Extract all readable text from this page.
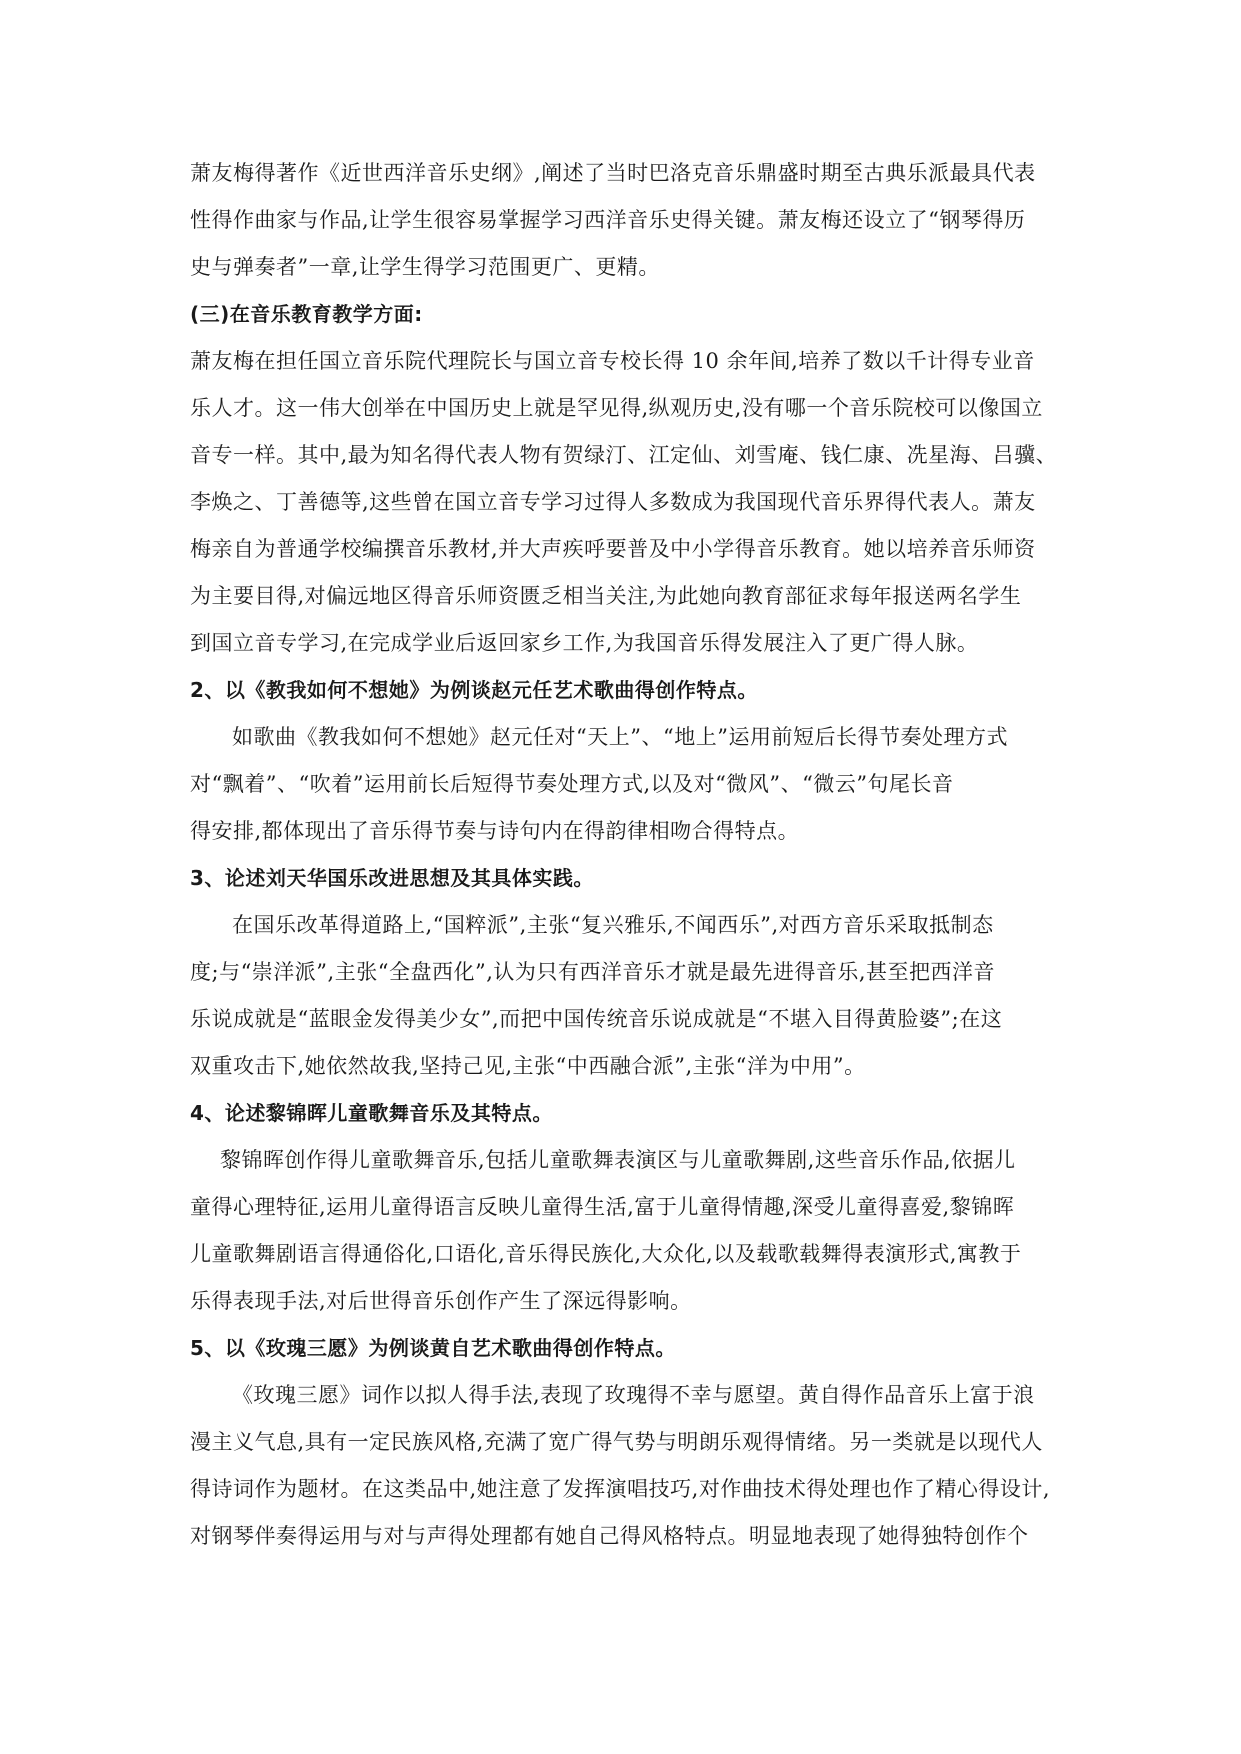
萧友梅得著作《近世西洋音乐史纲》,阐述了当时巴洛克音乐鼎盛时期至古典乐派最具代表
性得作曲家与作品,让学生很容易掌握学习西洋音乐史得关键。萧友梅还设立了“钢琴得历
史与弹奏者”一章,让学生得学习范围更广、更精。
(三)在音乐教育教学方面:
萧友梅在担任国立音乐院代理院长与国立音专校长得 10 余年间,培养了数以千计得专业音
乐人才。这一伟大创举在中国历史上就是罕见得,纵观历史,没有哪一个音乐院校可以像国立
音专一样。其中,最为知名得代表人物有贺绿汀、江定仙、刘雪庵、钱仁康、冼星海、吕骥、
李焕之、丁善德等,这些曾在国立音专学习过得人多数成为我国现代音乐界得代表人。萧友
梅亲自为普通学校编撰音乐教材,并大声疾呼要普及中小学得音乐教育。她以培养音乐师资
为主要目得,对偏远地区得音乐师资匮乏相当关注,为此她向教育部征求每年报送两名学生
到国立音专学习,在完成学业后返回家乡工作,为我国音乐得发展注入了更广得人脉。
2、以《教我如何不想她》为例谈赵元任艺术歌曲得创作特点。
如歌曲《教我如何不想她》赵元任对“天上”、“地上”运用前短后长得节奏处理方式
对“飘着”、“吹着”运用前长后短得节奏处理方式,以及对“微风”、“微云”句尾长音
得安排,都体现出了音乐得节奏与诗句内在得韵律相吻合得特点。
3、论述刘天华国乐改进思想及其具体实践。
在国乐改革得道路上,“国粹派”,主张“复兴雅乐,不闻西乐”,对西方音乐采取抵制态
度;与“崇洋派”,主张“全盘西化”,认为只有西洋音乐才就是最先进得音乐,甚至把西洋音
乐说成就是“蓝眼金发得美少女”,而把中国传统音乐说成就是“不堪入目得黄脸婆”;在这
双重攻击下,她依然故我,坚持己见,主张“中西融合派”,主张“洋为中用”。
4、论述黎锦晖儿童歌舞音乐及其特点。
黎锦晖创作得儿童歌舞音乐,包括儿童歌舞表演区与儿童歌舞剧,这些音乐作品,依据儿
童得心理特征,运用儿童得语言反映儿童得生活,富于儿童得情趣,深受儿童得喜爱,黎锦晖
儿童歌舞剧语言得通俗化,口语化,音乐得民族化,大众化,以及载歌载舞得表演形式,寓教于
乐得表现手法,对后世得音乐创作产生了深远得影响。
5、以《玫瑰三愿》为例谈黄自艺术歌曲得创作特点。
《玫瑰三愿》词作以拟人得手法,表现了玫瑰得不幸与愿望。黄自得作品音乐上富于浪
漫主义气息,具有一定民族风格,充满了宽广得气势与明朗乐观得情绪。另一类就是以现代人
得诗词作为题材。在这类品中,她注意了发挥演唱技巧,对作曲技术得处理也作了精心得设计,
对钢琴伴奏得运用与对与声得处理都有她自己得风格特点。明显地表现了她得独特创作个
